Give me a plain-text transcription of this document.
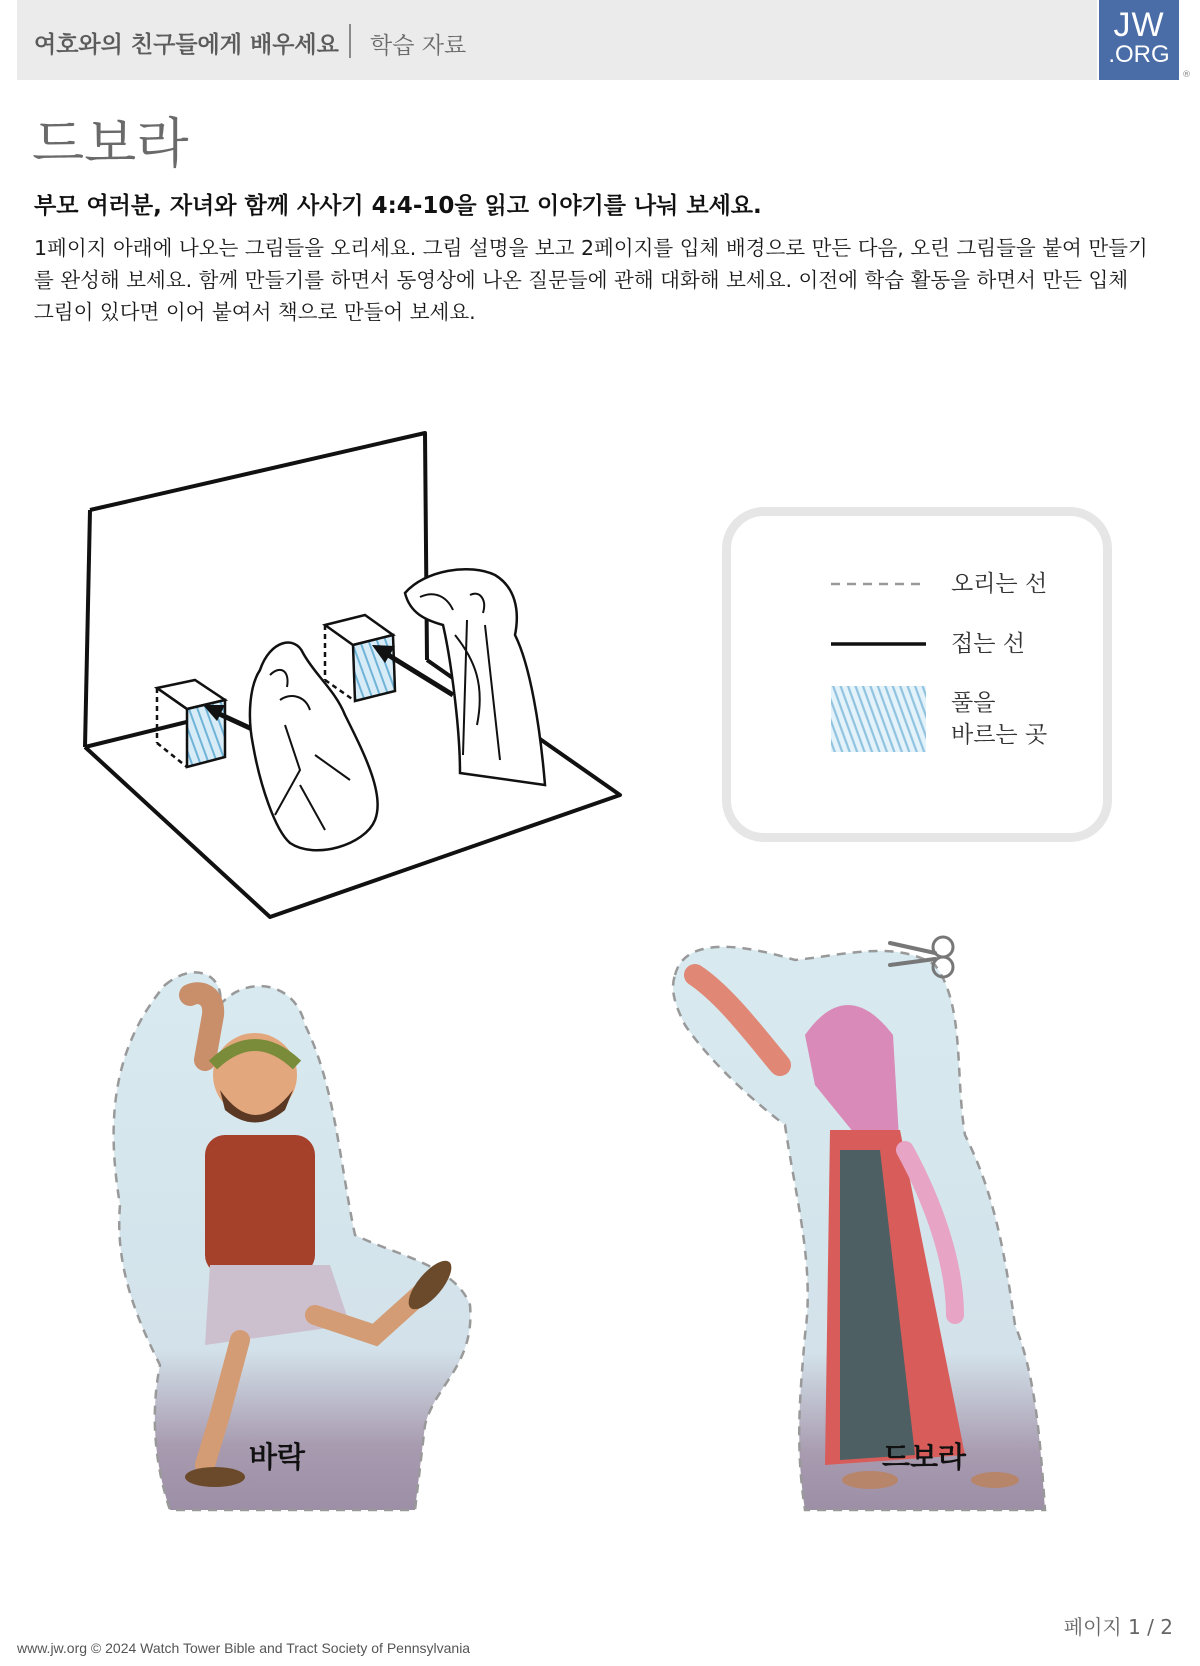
여호와의 친구들에게 배우세요 학습 자료
JW
.ORG
®
드보라
부모 여러분, 자녀와 함께 사사기 4:4-10을 읽고 이야기를 나눠 보세요.
1페이지 아래에 나오는 그림들을 오리세요. 그림 설명을 보고 2페이지를 입체 배경으로 만든 다음, 오린 그림들을 붙여 만들기를 완성해 보세요. 함께 만들기를 하면서 동영상에 나온 질문들에 관해 대화해 보세요. 이전에 학습 활동을 하면서 만든 입체 그림이 있다면 이어 붙여서 책으로 만들어 보세요.
오리는 선
접는 선
풀을
바르는 곳
바락	드보라
페이지 1 / 2
www.jw.org © 2024 Watch Tower Bible and Tract Society of Pennsylvania
